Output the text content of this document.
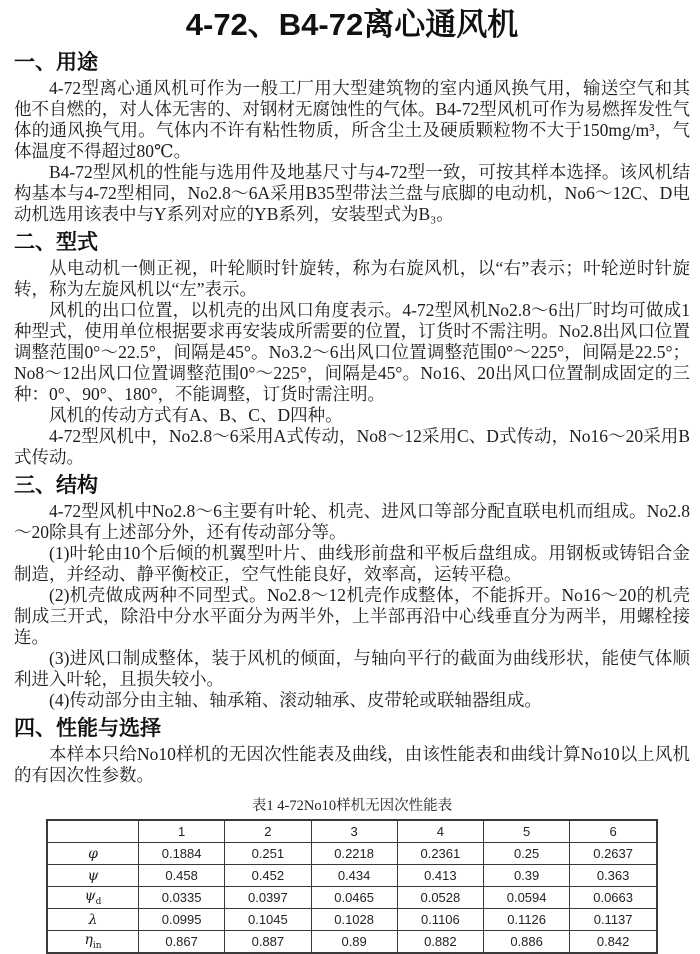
4-72、B4-72离心通风机
一、用途

4-72型离心通风机可作为一般工厂用大型建筑物的室内通风换气用，输送空气和其他不自燃的，对人体无害的、对钢材无腐蚀性的气体。B4-72型风机可作为易燃挥发性气体的通风换气用。气体内不许有粘性物质，所含尘土及硬质颗粒物不大于150mg/m³，气体温度不得超过80℃。

B4-72型风机的性能与选用件及地基尺寸与4-72型一致，可按其样本选择。该风机结构基本与4-72型相同，No2.8～6A采用B35型带法兰盘与底脚的电动机，No6～12C、D电动机选用该表中与Y系列对应的YB系列，安装型式为B₃。

二、型式

从电动机一侧正视，叶轮顺时针旋转，称为右旋风机，以“右”表示；叶轮逆时针旋转，称为左旋风机以“左”表示。

风机的出口位置，以机壳的出风口角度表示。4-72型风机No2.8～6出厂时均可做成1种型式，使用单位根据要求再安装成所需要的位置，订货时不需注明。No2.8出风口位置调整范围0°～22.5°，间隔是45°。No3.2～6出风口位置调整范围0°～225°，间隔是22.5°；No8～12出风口位置调整范围0°～225°，间隔是45°。No16、20出风口位置制成固定的三种：0°、90°、180°，不能调整，订货时需注明。

风机的传动方式有A、B、C、D四种。

4-72型风机中，No2.8～6采用A式传动，No8～12采用C、D式传动，No16～20采用B式传动。

三、结构

4-72型风机中No2.8～6主要有叶轮、机壳、进风口等部分配直联电机而组成。No2.8～20除具有上述部分外，还有传动部分等。

(1)叶轮由10个后倾的机翼型叶片、曲线形前盘和平板后盘组成。用钢板或铸铝合金制造，并经动、静平衡校正，空气性能良好，效率高，运转平稳。

(2)机壳做成两种不同型式。No2.8～12机壳作成整体，不能拆开。No16～20的机壳制成三开式，除沿中分水平面分为两半外，上半部再沿中心线垂直分为两半，用螺栓接连。

(3)进风口制成整体，装于风机的倾面，与轴向平行的截面为曲线形状，能使气体顺利进入叶轮，且损失较小。

(4)传动部分由主轴、轴承箱、滚动轴承、皮带轮或联轴器组成。

四、性能与选择

本样本只给No10样机的无因次性能表及曲线，由该性能表和曲线计算No10以上风机的有因次性参数。

表1 4-72No10样机无因次性能表
	1	2	3	4	5	6
φ	0.1884	0.251	0.2218	0.2361	0.25	0.2637
ψ	0.458	0.452	0.434	0.413	0.39	0.363
$\psi_d$	0.0335	0.0397	0.0465	0.0528	0.0594	0.0663
λ	0.0995	0.1045	0.1028	0.1106	0.1126	0.1137
$\eta_{in}$	0.867	0.887	0.89	0.882	0.886	0.842
